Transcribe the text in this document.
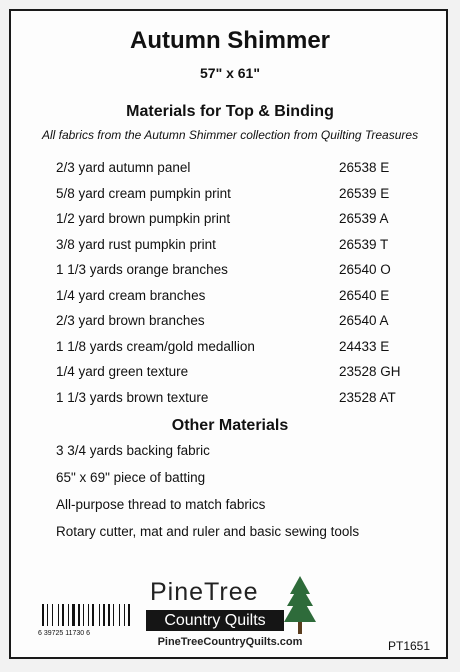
Autumn Shimmer
57" x 61"
Materials for Top & Binding
All fabrics from the Autumn Shimmer collection from Quilting Treasures
2/3 yard autumn panel	26538 E
5/8 yard cream pumpkin print	26539 E
1/2 yard brown pumpkin print	26539 A
3/8 yard rust pumpkin print	26539 T
1 1/3 yards orange branches	26540 O
1/4 yard cream branches	26540 E
2/3 yard brown branches	26540 A
1 1/8 yards cream/gold medallion	24433 E
1/4 yard green texture	23528 GH
1 1/3 yards brown texture	23528 AT
Other Materials
3 3/4 yards backing fabric
65" x 69" piece of batting
All-purpose thread to match fabrics
Rotary cutter, mat and ruler and basic sewing tools
PineTree
Country Quilts
6 39725 11730 6
PineTreeCountryQuilts.com	PT1651
